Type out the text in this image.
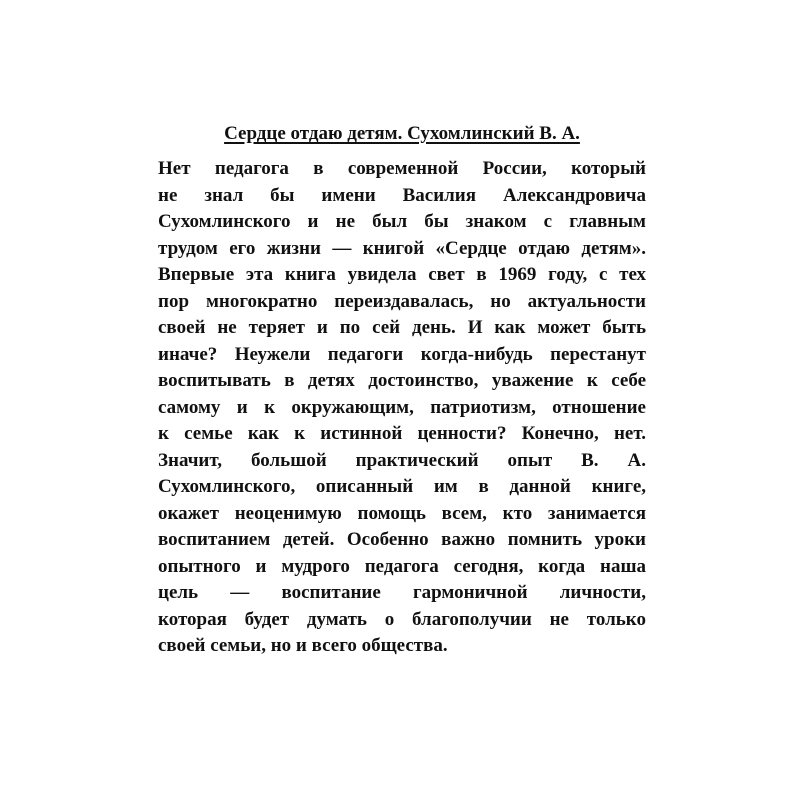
Сердце отдаю детям. Сухомлинский В. А.
Нет педагога в современной России, который
не знал бы имени Василия Александровича
Сухомлинского и не был бы знаком с главным
трудом его жизни — книгой «Сердце отдаю детям».
Впервые эта книга увидела свет в 1969 году, с тех
пор многократно переиздавалась, но актуальности
своей не теряет и по сей день. И как может быть
иначе? Неужели педагоги когда-нибудь перестанут
воспитывать в детях достоинство, уважение к себе
самому и к окружающим, патриотизм, отношение
к семье как к истинной ценности? Конечно, нет.
Значит, большой практический опыт В. А.
Сухомлинского, описанный им в данной книге,
окажет неоценимую помощь всем, кто занимается
воспитанием детей. Особенно важно помнить уроки
опытного и мудрого педагога сегодня, когда наша
цель — воспитание гармоничной личности,
которая будет думать о благополучии не только
своей семьи, но и всего общества.
